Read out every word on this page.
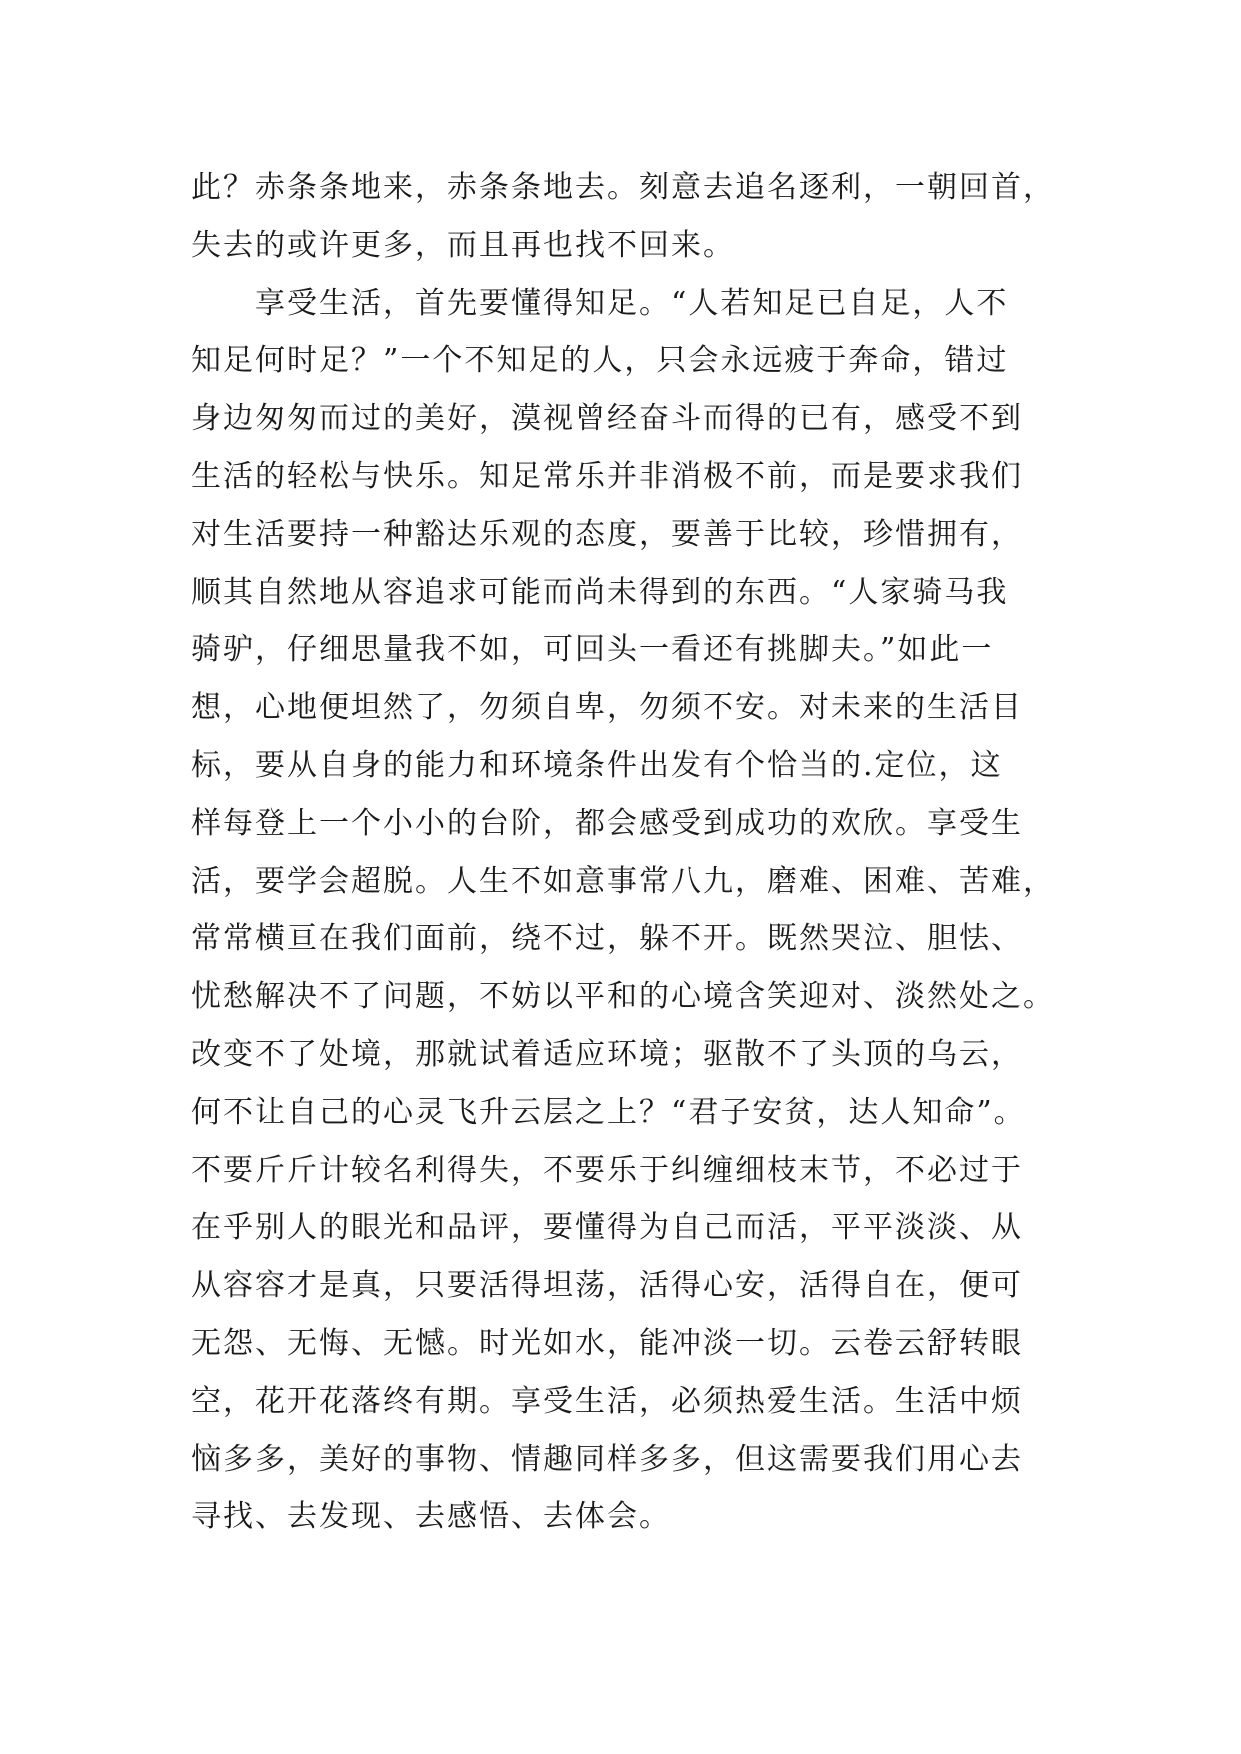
此？赤条条地来，赤条条地去。刻意去追名逐利，一朝回首，
失去的或许更多，而且再也找不回来。
　　享受生活，首先要懂得知足。“人若知足已自足，人不
知足何时足？”一个不知足的人，只会永远疲于奔命，错过
身边匆匆而过的美好，漠视曾经奋斗而得的已有，感受不到
生活的轻松与快乐。知足常乐并非消极不前，而是要求我们
对生活要持一种豁达乐观的态度，要善于比较，珍惜拥有，
顺其自然地从容追求可能而尚未得到的东西。“人家骑马我
骑驴，仔细思量我不如，可回头一看还有挑脚夫。”如此一
想，心地便坦然了，勿须自卑，勿须不安。对未来的生活目
标，要从自身的能力和环境条件出发有个恰当的.定位，这
样每登上一个小小的台阶，都会感受到成功的欢欣。享受生
活，要学会超脱。人生不如意事常八九，磨难、困难、苦难，
常常横亘在我们面前，绕不过，躲不开。既然哭泣、胆怯、
忧愁解决不了问题，不妨以平和的心境含笑迎对、淡然处之。
改变不了处境，那就试着适应环境；驱散不了头顶的乌云，
何不让自己的心灵飞升云层之上？“君子安贫，达人知命”。
不要斤斤计较名利得失，不要乐于纠缠细枝末节，不必过于
在乎别人的眼光和品评，要懂得为自己而活，平平淡淡、从
从容容才是真，只要活得坦荡，活得心安，活得自在，便可
无怨、无悔、无憾。时光如水，能冲淡一切。云卷云舒转眼
空，花开花落终有期。享受生活，必须热爱生活。生活中烦
恼多多，美好的事物、情趣同样多多，但这需要我们用心去
寻找、去发现、去感悟、去体会。
